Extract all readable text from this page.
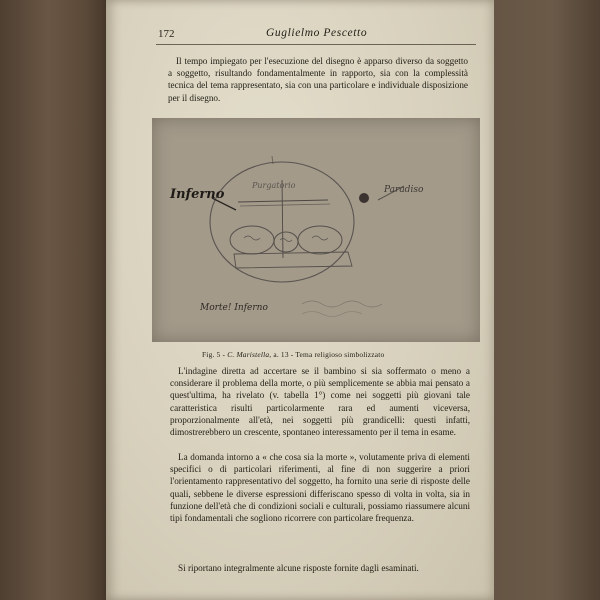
172	Guglielmo Pescetto

Il tempo impiegato per l'esecuzione del disegno è apparso diverso da soggetto a soggetto, risultando fondamentalmente in rapporto, sia con la complessità tecnica del tema rappresentato, sia con una particolare e individuale disposizione per il disegno.

Inferno
Purgatorio	Paradiso
Morte! Inferno
Fig. 5 - C. Maristella, a. 13 - Tema religioso simbolizzato

L'indagine diretta ad accertare se il bambino si sia soffermato o meno a considerare il problema della morte, o più semplicemente se abbia mai pensato a quest'ultima, ha rivelato (v. tabella 1°) come nei soggetti più giovani tale caratteristica risulti particolarmente rara ed aumenti viceversa, proporzionalmente all'età, nei soggetti più grandicelli: questi infatti, dimostrerebbero un crescente, spontaneo interessamento per il tema in esame.

La domanda intorno a « che cosa sia la morte », volutamente priva di elementi specifici o di particolari riferimenti, al fine di non suggerire a priori l'orientamento rappresentativo del soggetto, ha fornito una serie di risposte delle quali, sebbene le diverse espressioni differiscano spesso di volta in volta, sia in funzione dell'età che di condizioni sociali e culturali, possiamo riassumere alcuni tipi fondamentali che sogliono ricorrere con particolare frequenza.

Si riportano integralmente alcune risposte fornite dagli esaminati.
